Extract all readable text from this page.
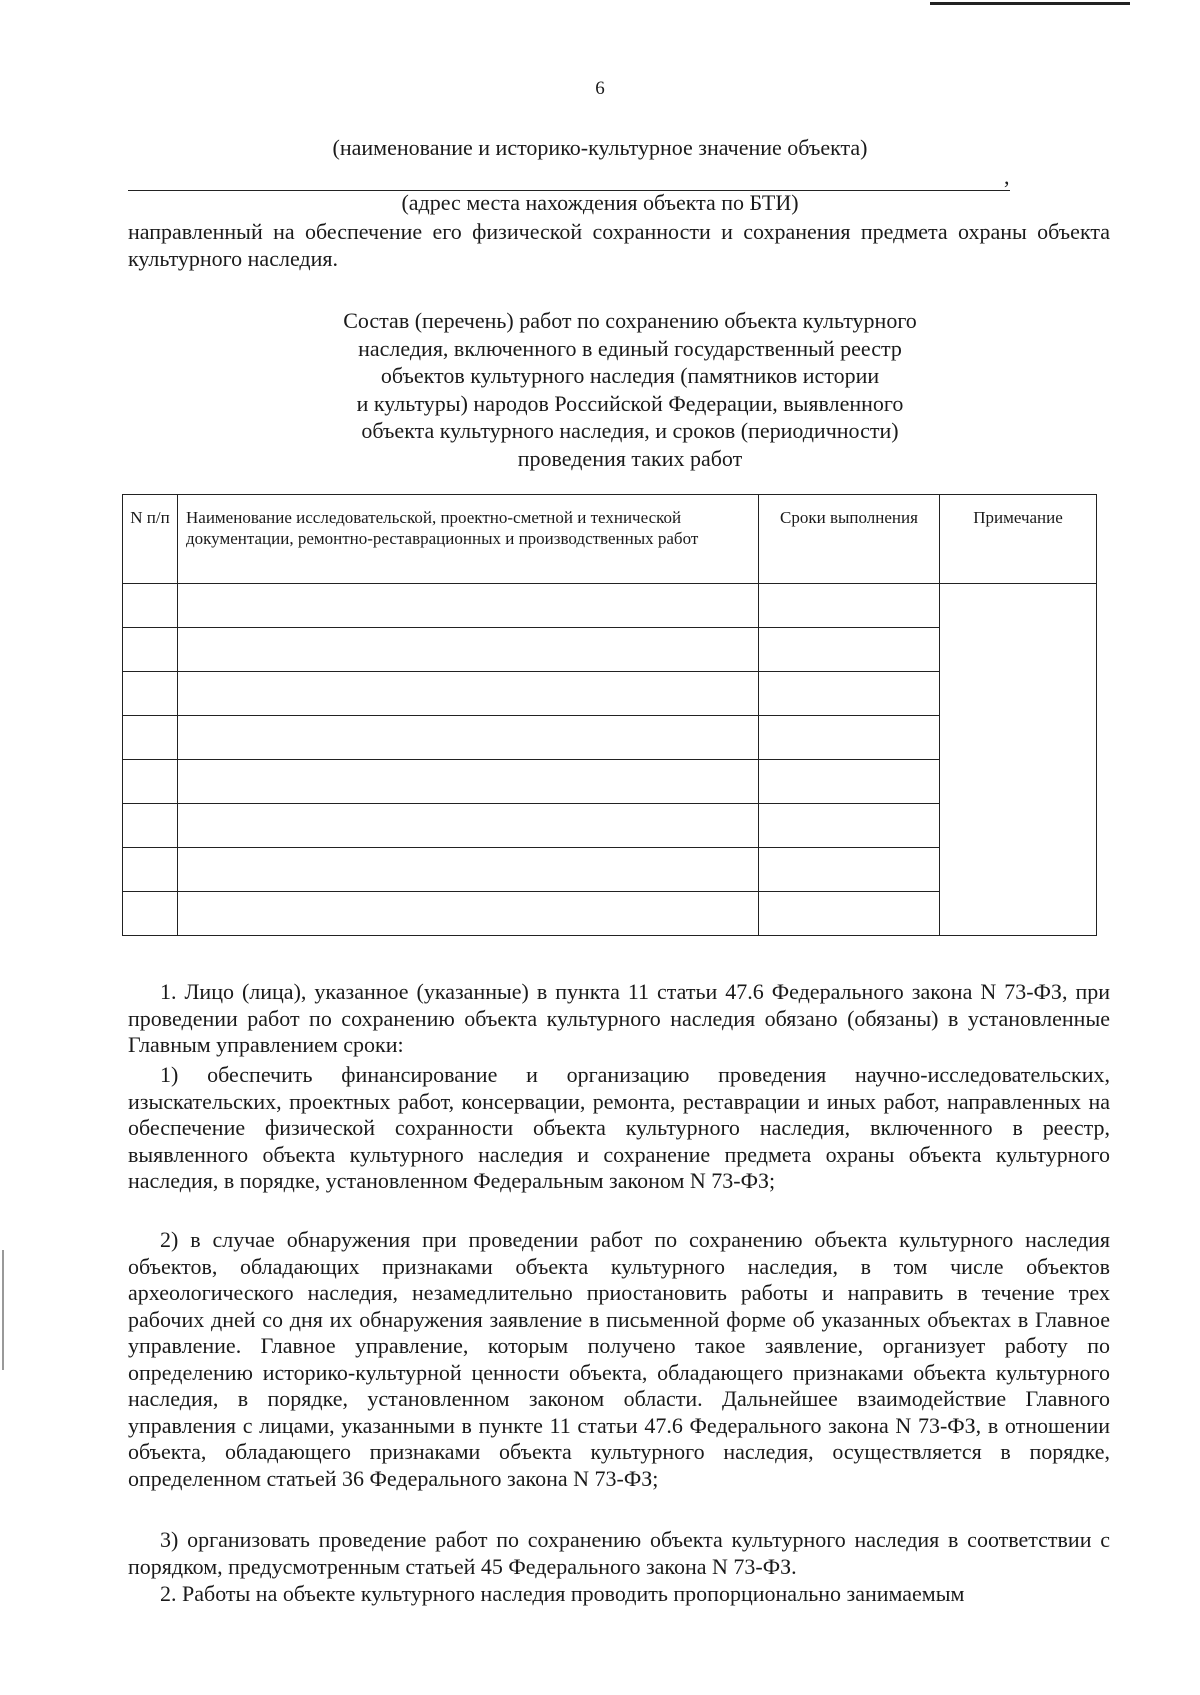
6
(наименование и историко-культурное значение объекта)
,
(адрес места нахождения объекта по БТИ)
направленный на обеспечение его физической сохранности и сохранения предмета охраны объекта культурного наследия.
Состав (перечень) работ по сохранению объекта культурного
наследия, включенного в единый государственный реестр
объектов культурного наследия (памятников истории
и культуры) народов Российской Федерации, выявленного
объекта культурного наследия, и сроков (периодичности)
проведения таких работ
N п/п	Наименование исследовательской, проектно-сметной и технической документации, ремонтно-реставрационных и производственных работ	Сроки выполнения	Примечание

1. Лицо (лица), указанное (указанные) в пункта 11 статьи 47.6 Федерального закона N 73-ФЗ, при проведении работ по сохранению объекта культурного наследия обязано (обязаны) в установленные Главным управлением сроки:
1) обеспечить финансирование и организацию проведения научно-исследовательских, изыскательских, проектных работ, консервации, ремонта, реставрации и иных работ, направленных на обеспечение физической сохранности объекта культурного наследия, включенного в реестр, выявленного объекта культурного наследия и сохранение предмета охраны объекта культурного наследия, в порядке, установленном Федеральным законом N 73-ФЗ;
2) в случае обнаружения при проведении работ по сохранению объекта культурного наследия объектов, обладающих признаками объекта культурного наследия, в том числе объектов археологического наследия, незамедлительно приостановить работы и направить в течение трех рабочих дней со дня их обнаружения заявление в письменной форме об указанных объектах в Главное управление. Главное управление, которым получено такое заявление, организует работу по определению историко-культурной ценности объекта, обладающего признаками объекта культурного наследия, в порядке, установленном законом области. Дальнейшее взаимодействие Главного управления с лицами, указанными в пункте 11 статьи 47.6 Федерального закона N 73-ФЗ, в отношении объекта, обладающего признаками объекта культурного наследия, осуществляется в порядке, определенном статьей 36 Федерального закона N 73-ФЗ;
3) организовать проведение работ по сохранению объекта культурного наследия в соответствии с порядком, предусмотренным статьей 45 Федерального закона N 73-ФЗ.
2. Работы на объекте культурного наследия проводить пропорционально занимаемым
